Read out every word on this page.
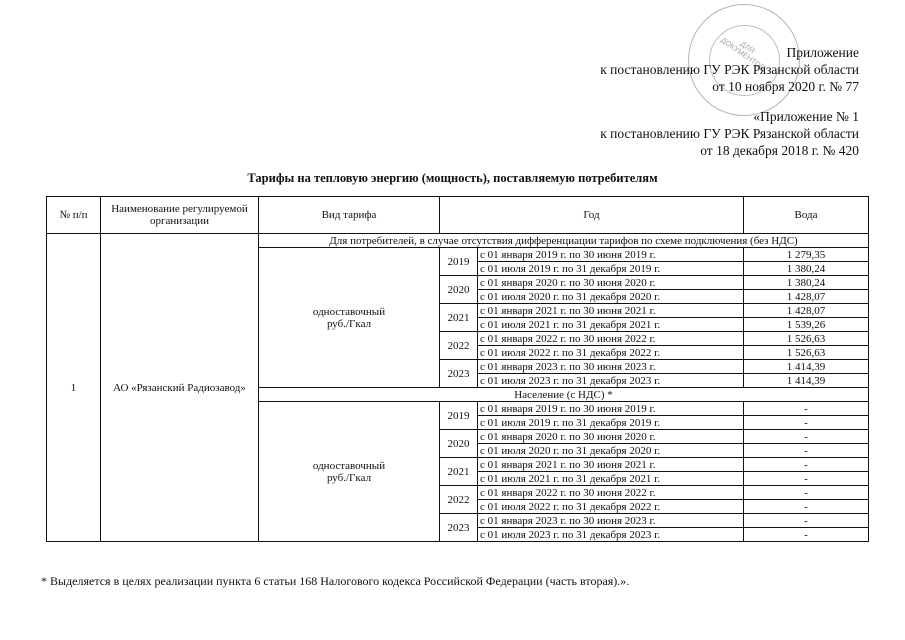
ДЛЯ ДОКУМЕНТОВ	Приложение
к постановлению ГУ РЭК Рязанской области
от 10 ноября 2020 г. № 77
«Приложение № 1
к постановлению ГУ РЭК Рязанской области
от 18 декабря 2018 г. № 420
Тарифы на тепловую энергию (мощность), поставляемую потребителям
№ п/п	Наименование регулируемой организации	Вид тарифа	Год		Вода
1	АО «Рязанский Радиозавод»	Для потребителей, в случае отсутствия дифференциации тарифов по схеме подключения (без НДС)			

		одноставочный
руб./Гкал	2019	с 01 января 2019 г. по 30 июня 2019 г.	1 279,35
				с 01 июля 2019 г. по 31 декабря 2019 г.	1 380,24
			2020	с 01 января 2020 г. по 30 июня 2020 г.	1 380,24
				с 01 июля 2020 г. по 31 декабря 2020 г.	1 428,07
			2021	с 01 января 2021 г. по 30 июня 2021 г.	1 428,07
				с 01 июля 2021 г. по 31 декабря 2021 г.	1 539,26
			2022	с 01 января 2022 г. по 30 июня 2022 г.	1 526,63
				с 01 июля 2022 г. по 31 декабря 2022 г.	1 526,63
			2023	с 01 января 2023 г. по 30 июня 2023 г.	1 414,39
				с 01 июля 2023 г. по 31 декабря 2023 г.	1 414,39
		Население (с НДС) *			

		одноставочный
руб./Гкал	2019	с 01 января 2019 г. по 30 июня 2019 г.	-
				с 01 июля 2019 г. по 31 декабря 2019 г.	-
			2020	с 01 января 2020 г. по 30 июня 2020 г.	-
				с 01 июля 2020 г. по 31 декабря 2020 г.	-
			2021	с 01 января 2021 г. по 30 июня 2021 г.	-
				с 01 июля 2021 г. по 31 декабря 2021 г.	-
			2022	с 01 января 2022 г. по 30 июня 2022 г.	-
				с 01 июля 2022 г. по 31 декабря 2022 г.	-
			2023	с 01 января 2023 г. по 30 июня 2023 г.	-
				с 01 июля 2023 г. по 31 декабря 2023 г.	-
* Выделяется в целях реализации пункта 6 статьи 168 Налогового кодекса Российской Федерации (часть вторая).».
